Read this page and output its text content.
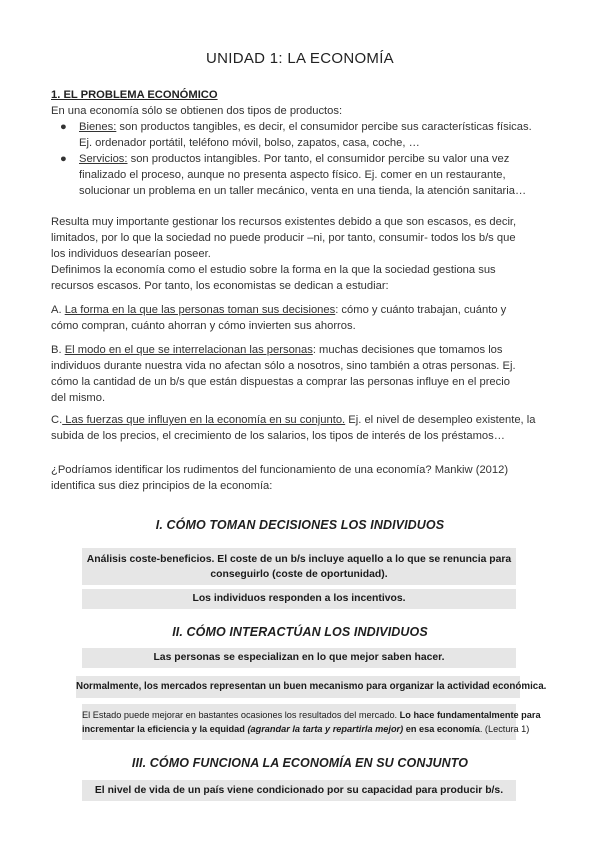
UNIDAD 1: LA ECONOMÍA
1. EL PROBLEMA ECONÓMICO
En una economía sólo se obtienen dos tipos de productos:
● Bienes: son productos tangibles, es decir, el consumidor percibe sus características físicas.
Ej. ordenador portátil, teléfono móvil, bolso, zapatos, casa, coche, …
● Servicios: son productos intangibles. Por tanto, el consumidor percibe su valor una vez
finalizado el proceso, aunque no presenta aspecto físico. Ej. comer en un restaurante,
solucionar un problema en un taller mecánico, venta en una tienda, la atención sanitaria…
Resulta muy importante gestionar los recursos existentes debido a que son escasos, es decir,
limitados, por lo que la sociedad no puede producir –ni, por tanto, consumir- todos los b/s que
los individuos desearían poseer.
Definimos la economía como el estudio sobre la forma en la que la sociedad gestiona sus
recursos escasos. Por tanto, los economistas se dedican a estudiar:
A. La forma en la que las personas toman sus decisiones: cómo y cuánto trabajan, cuánto y
cómo compran, cuánto ahorran y cómo invierten sus ahorros.
B. El modo en el que se interrelacionan las personas: muchas decisiones que tomamos los
individuos durante nuestra vida no afectan sólo a nosotros, sino también a otras personas. Ej.
cómo la cantidad de un b/s que están dispuestas a comprar las personas influye en el precio
del mismo.
C. Las fuerzas que influyen en la economía en su conjunto. Ej. el nivel de desempleo existente, la
subida de los precios, el crecimiento de los salarios, los tipos de interés de los préstamos…
¿Podríamos identificar los rudimentos del funcionamiento de una economía? Mankiw (2012)
identifica sus diez principios de la economía:
I. CÓMO TOMAN DECISIONES LOS INDIVIDUOS
Análisis coste-beneficios. El coste de un b/s incluye aquello a lo que se renuncia para
conseguirlo (coste de oportunidad).
Los individuos responden a los incentivos.
II. CÓMO INTERACTÚAN LOS INDIVIDUOS
Las personas se especializan en lo que mejor saben hacer.
Normalmente, los mercados representan un buen mecanismo para organizar la actividad económica.
El Estado puede mejorar en bastantes ocasiones los resultados del mercado. Lo hace fundamentalmente para
incrementar la eficiencia y la equidad (agrandar la tarta y repartirla mejor) en esa economía. (Lectura 1)
III. CÓMO FUNCIONA LA ECONOMÍA EN SU CONJUNTO
El nivel de vida de un país viene condicionado por su capacidad para producir b/s.
